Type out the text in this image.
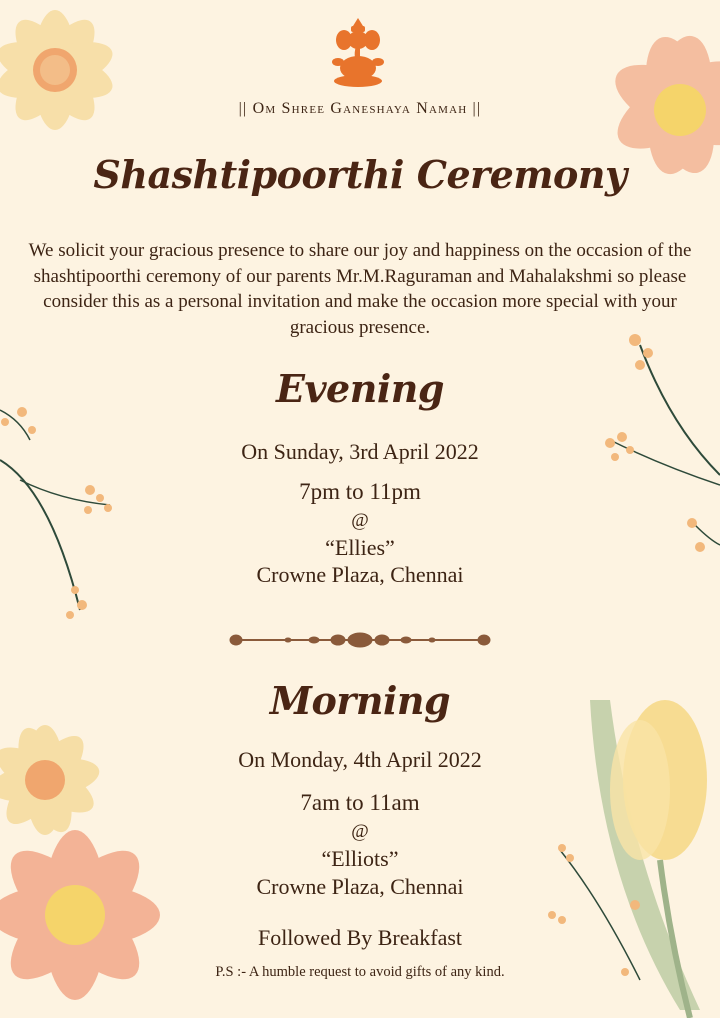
|| Om Shree Ganeshaya Namah ||
Shashtipoorthi Ceremony
We solicit your gracious presence to share our joy and happiness on the occasion of the shashtipoorthi ceremony of our parents Mr.M.Raguraman and Mahalakshmi so please consider this as a personal invitation and make the occasion more special with your gracious presence.
Evening
On Sunday, 3rd April 2022
7pm to 11pm
@
“Ellies”
Crowne Plaza, Chennai
Morning
On Monday, 4th April 2022
7am to 11am
@
“Elliots”
Crowne Plaza, Chennai
Followed By Breakfast
P.S :- A humble request to avoid gifts of any kind.
